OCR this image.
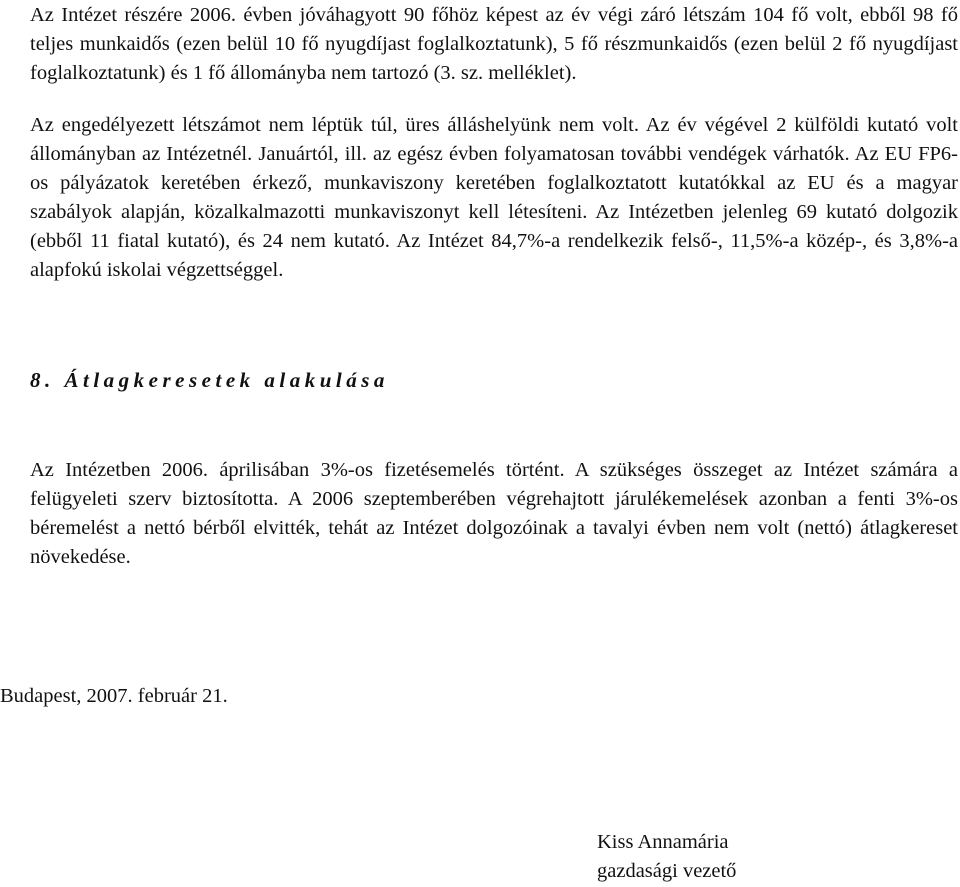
Az Intézet részére 2006. évben jóváhagyott 90 főhöz képest az év végi záró létszám 104 fő volt, ebből 98 fő teljes munkaidős (ezen belül 10 fő nyugdíjast foglalkoztatunk), 5 fő részmunkaidős (ezen belül 2 fő nyugdíjast foglalkoztatunk) és 1 fő állományba nem tartozó (3. sz. melléklet).

Az engedélyezett létszámot nem léptük túl, üres álláshelyünk nem volt. Az év végével 2 külföldi kutató volt állományban az Intézetnél. Januártól, ill. az egész évben folyamatosan további vendégek várhatók. Az EU FP6-os pályázatok keretében érkező, munkaviszony keretében foglalkoztatott kutatókkal az EU és a magyar szabályok alapján, közalkalmazotti munkaviszonyt kell létesíteni. Az Intézetben jelenleg 69 kutató dolgozik (ebből 11 fiatal kutató), és 24 nem kutató. Az Intézet 84,7%-a rendelkezik felső-, 11,5%-a közép-, és 3,8%-a alapfokú iskolai végzettséggel.

8. Átlagkeresetek alakulása

Az Intézetben 2006. áprilisában 3%-os fizetésemelés történt. A szükséges összeget az Intézet számára a felügyeleti szerv biztosította. A 2006 szeptemberében végrehajtott járulékemelések azonban a fenti 3%-os béremelést a nettó bérből elvitték, tehát az Intézet dolgozóinak a tavalyi évben nem volt (nettó) átlagkereset növekedése.

Budapest, 2007. február 21.

Kiss Annamária
gazdasági vezető
